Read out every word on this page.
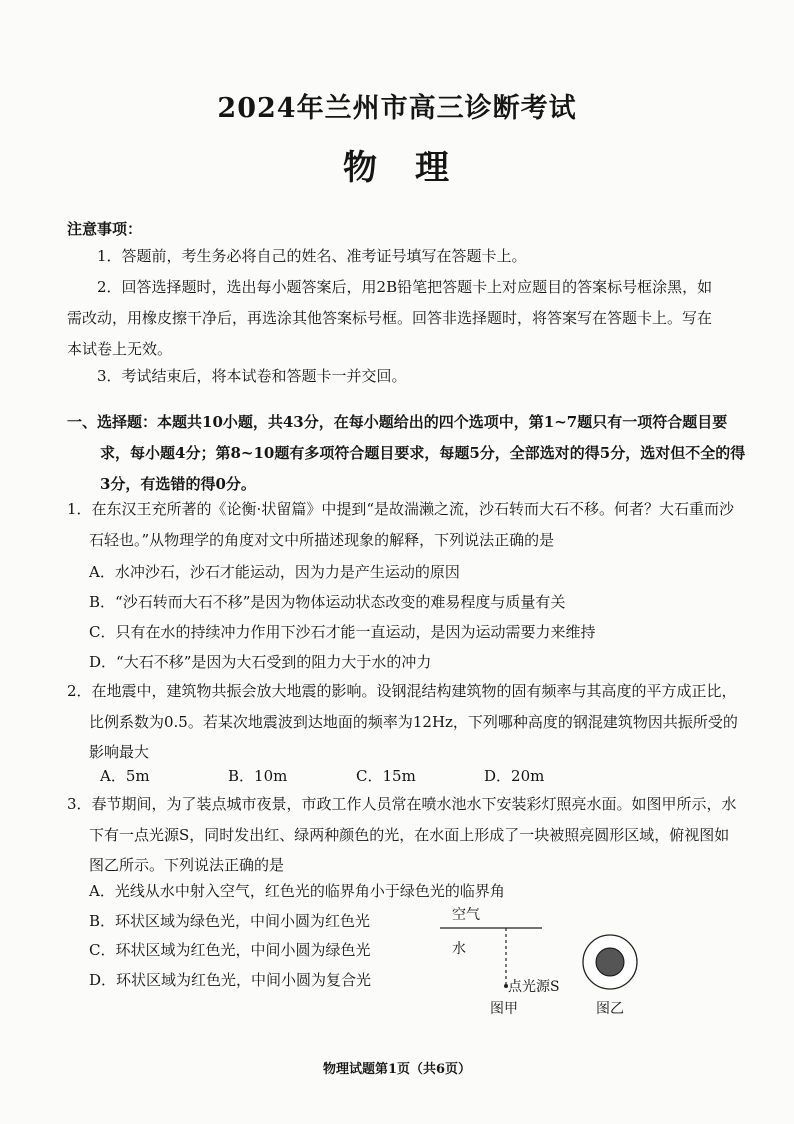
2024年兰州市高三诊断考试
物　理
注意事项：
1．答题前，考生务必将自己的姓名、准考证号填写在答题卡上。
2．回答选择题时，选出每小题答案后，用2B铅笔把答题卡上对应题目的答案标号框涂黑，如需改动，用橡皮擦干净后，再选涂其他答案标号框。回答非选择题时，将答案写在答题卡上。写在本试卷上无效。
3．考试结束后，将本试卷和答题卡一并交回。
一、选择题：本题共10小题，共43分，在每小题给出的四个选项中，第1~7题只有一项符合题目要求，每小题4分；第8~10题有多项符合题目要求，每题5分，全部选对的得5分，选对但不全的得3分，有选错的得0分。
1．在东汉王充所著的《论衡·状留篇》中提到“是故湍濑之流，沙石转而大石不移。何者？大石重而沙石轻也。”从物理学的角度对文中所描述现象的解释，下列说法正确的是
A．水冲沙石，沙石才能运动，因为力是产生运动的原因
B．“沙石转而大石不移”是因为物体运动状态改变的难易程度与质量有关
C．只有在水的持续冲力作用下沙石才能一直运动，是因为运动需要力来维持
D．“大石不移”是因为大石受到的阻力大于水的冲力
2．在地震中，建筑物共振会放大地震的影响。设钢混结构建筑物的固有频率与其高度的平方成正比，比例系数为0.5。若某次地震波到达地面的频率为12Hz，下列哪种高度的钢混建筑物因共振所受的影响最大
A．5m	B．10m	C．15m	D．20m
3．春节期间，为了装点城市夜景，市政工作人员常在喷水池水下安装彩灯照亮水面。如图甲所示，水下有一点光源S，同时发出红、绿两种颜色的光，在水面上形成了一块被照亮圆形区域，俯视图如图乙所示。下列说法正确的是
A．光线从水中射入空气，红色光的临界角小于绿色光的临界角
B．环状区域为绿色光，中间小圆为红色光
C．环状区域为红色光，中间小圆为绿色光
D．环状区域为红色光，中间小圆为复合光
空气
水
点光源S
图甲	图乙
物理试题第1页（共6页）
